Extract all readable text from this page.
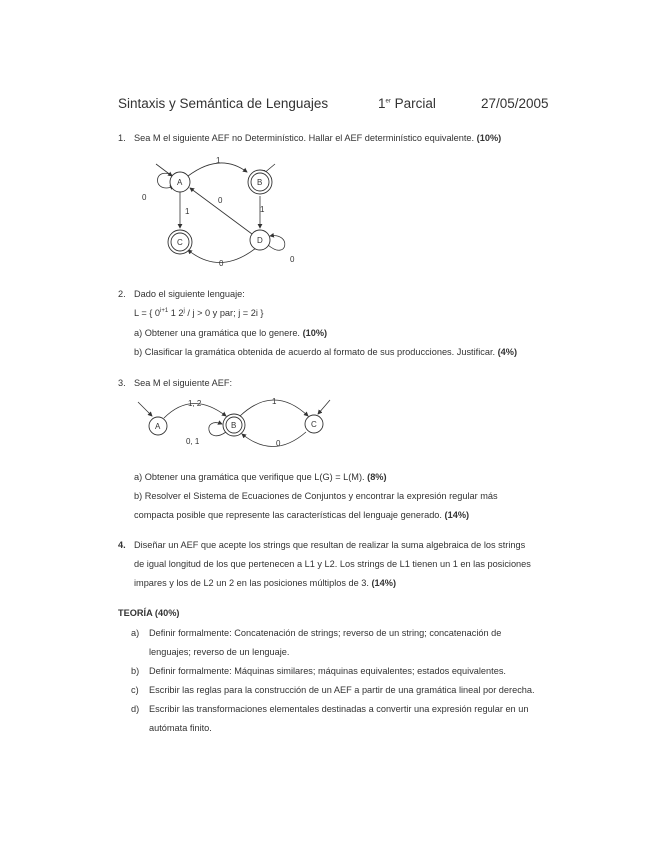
Sintaxis y Semántica de Lenguajes	1er Parcial	27/05/2005
1. Sea M el siguiente AEF no Determinístico. Hallar el AEF determinístico equivalente. (10%)
1
0
1
0
1
0	0
A	B
C	D
2. Dado el siguiente lenguaje:
L = { $0^{i+1}$ 1 2$^j$ / j > 0 y par; j = 2i }
a) Obtener una gramática que lo genere. (10%)
b) Clasificar la gramática obtenida de acuerdo al formato de sus producciones. Justificar. (4%)
3. Sea M el siguiente AEF:
1, 2	1
0
0, 1
A	B	C
a) Obtener una gramática que verifique que L(G) = L(M). (8%)
b) Resolver el Sistema de Ecuaciones de Conjuntos y encontrar la expresión regular más
compacta posible que represente las características del lenguaje generado. (14%)
4. Diseñar un AEF que acepte los strings que resultan de realizar la suma algebraica de los strings
de igual longitud de los que pertenecen a L1 y L2. Los strings de L1 tienen un 1 en las posiciones
impares y los de L2 un 2 en las posiciones múltiplos de 3. (14%)
TEORÍA (40%)
a) Definir formalmente: Concatenación de strings; reverso de un string; concatenación de
lenguajes; reverso de un lenguaje.
b) Definir formalmente: Máquinas similares; máquinas equivalentes; estados equivalentes.
c) Escribir las reglas para la construcción de un AEF a partir de una gramática lineal por derecha.
d) Escribir las transformaciones elementales destinadas a convertir una expresión regular en un
autómata finito.
